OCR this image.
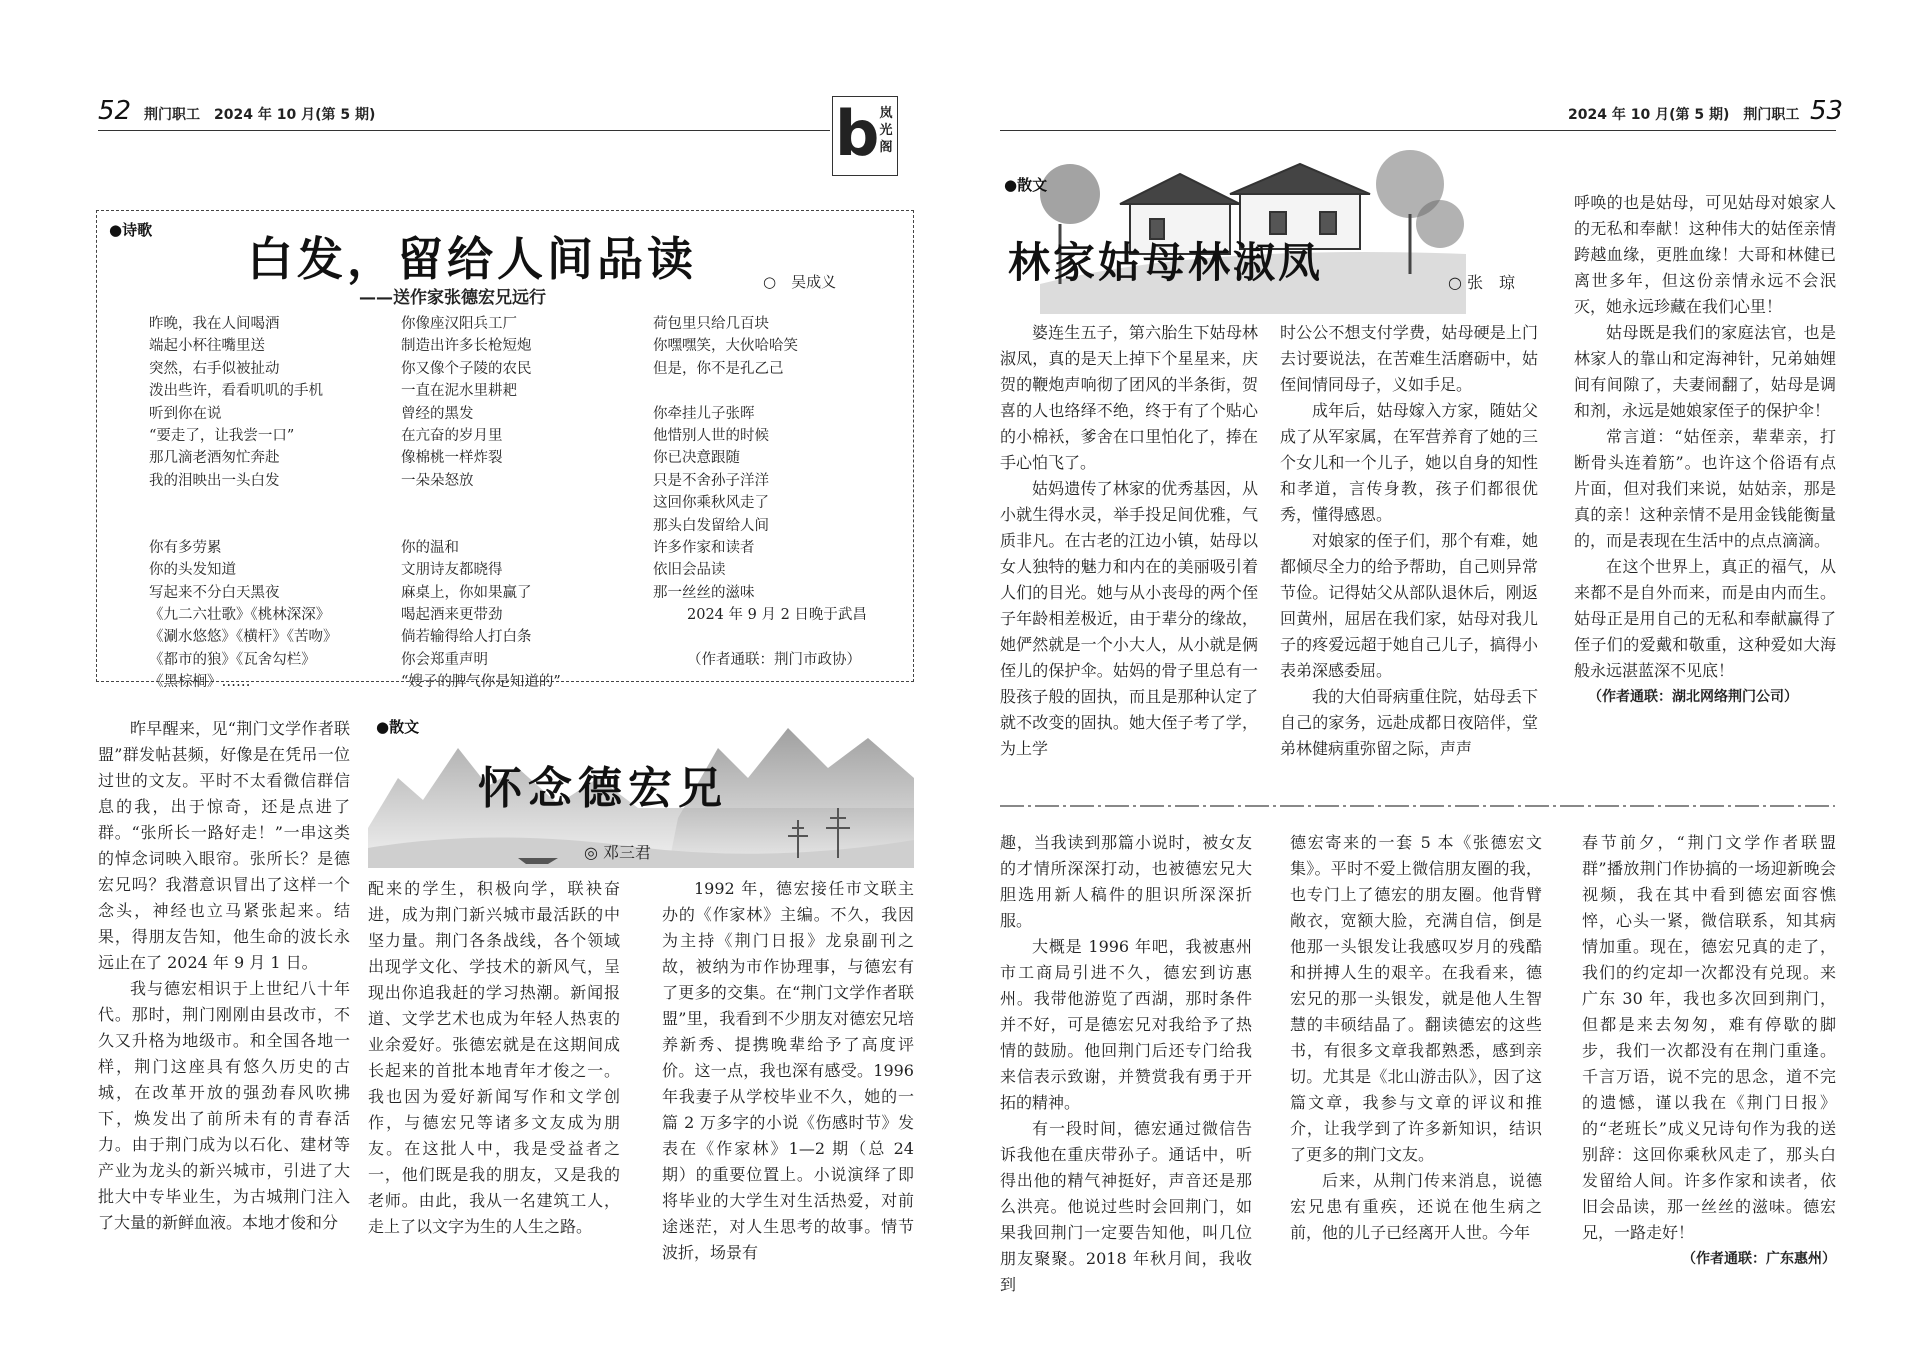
52 荆门职工　2024 年 10 月(第 5 期)	b 岚光阁
●诗歌
白发，留给人间品读	○　吴成义
——送作家张德宏兄远行
昨晚，我在人间喝酒
端起小杯往嘴里送
突然，右手似被扯动
泼出些许，看看叽叽的手机
听到你在说
“要走了，让我尝一口”
那几滴老酒匆忙奔赴
我的泪映出一头白发
你有多劳累
你的头发知道
写起来不分白天黑夜
《九二六壮歌》《桃林深深》
《涮水悠悠》《横杆》《苦吻》
《都市的狼》《瓦舍勾栏》
《黑棕榈》……
你像座汉阳兵工厂
制造出许多长枪短炮
你又像个子陵的农民
一直在泥水里耕耙
曾经的黑发
在亢奋的岁月里
像棉桃一样炸裂
一朵朵怒放
你的温和
文朋诗友都晓得
麻桌上，你如果赢了
喝起酒来更带劲
倘若输得给人打白条
你会郑重声明
“嫂子的脾气你是知道的”
荷包里只给几百块
你嘿嘿笑，大伙哈哈笑
但是，你不是孔乙己
你牵挂儿子张晖
他惜别人世的时候
你已决意跟随
只是不舍孙子洋洋
这回你乘秋风走了
那头白发留给人间
许多作家和读者
依旧会品读
那一丝丝的滋味
2024 年 9 月 2 日晚于武昌
（作者通联：荆门市政协）
●散文
怀念德宏兄
◎ 邓三君

昨早醒来，见“荆门文学作者联盟”群发帖甚频，好像是在凭吊一位过世的文友。平时不太看微信群信息的我，出于惊奇，还是点进了群。“张所长一路好走！”一串这类的悼念词映入眼帘。张所长？是德宏兄吗？我潜意识冒出了这样一个念头，神经也立马紧张起来。结果，得朋友告知，他生命的波长永远止在了 2024 年 9 月 1 日。

我与德宏相识于上世纪八十年代。那时，荆门刚刚由县改市，不久又升格为地级市。和全国各地一样，荆门这座具有悠久历史的古城，在改革开放的强劲春风吹拂下，焕发出了前所未有的青春活力。由于荆门成为以石化、建材等产业为龙头的新兴城市，引进了大批大中专毕业生，为古城荆门注入了大量的新鲜血液。本地才俊和分

配来的学生，积极向学，联袂奋进，成为荆门新兴城市最活跃的中坚力量。荆门各条战线，各个领域出现学文化、学技术的新风气，呈现出你追我赶的学习热潮。新闻报道、文学艺术也成为年轻人热衷的业余爱好。张德宏就是在这期间成长起来的首批本地青年才俊之一。我也因为爱好新闻写作和文学创作，与德宏兄等诸多文友成为朋友。在这批人中，我是受益者之一，他们既是我的朋友，又是我的老师。由此，我从一名建筑工人，走上了以文字为生的人生之路。

1992 年，德宏接任市文联主办的《作家林》主编。不久，我因为主持《荆门日报》龙泉副刊之故，被纳为市作协理事，与德宏有了更多的交集。在“荆门文学作者联盟”里，我看到不少朋友对德宏兄培养新秀、提携晚辈给予了高度评价。这一点，我也深有感受。1996 年我妻子从学校毕业不久，她的一篇 2 万多字的小说《伤感时节》发表在《作家林》1—2 期（总 24 期）的重要位置上。小说演绎了即将毕业的大学生对生活热爱，对前途迷茫，对人生思考的故事。情节波折，场景有

2024 年 10 月(第 5 期)　荆门职工 53
●散文
林家姑母林淑凤	○ 张　琼

婆连生五子，第六胎生下姑母林淑凤，真的是天上掉下个星星来，庆贺的鞭炮声响彻了团风的半条街，贺喜的人也络绎不绝，终于有了个贴心的小棉袄，爹舍在口里怕化了，捧在手心怕飞了。

姑妈遗传了林家的优秀基因，从小就生得水灵，举手投足间优雅，气质非凡。在古老的江边小镇，姑母以女人独特的魅力和内在的美丽吸引着人们的目光。她与从小丧母的两个侄子年龄相差极近，由于辈分的缘故，她俨然就是一个小大人，从小就是俩侄儿的保护伞。姑妈的骨子里总有一股孩子般的固执，而且是那种认定了就不改变的固执。她大侄子考了学，为上学

时公公不想支付学费，姑母硬是上门去讨要说法，在苦难生活磨砺中，姑侄间情同母子，义如手足。

成年后，姑母嫁入方家，随姑父成了从军家属，在军营养育了她的三个女儿和一个儿子，她以自身的知性和孝道，言传身教，孩子们都很优秀，懂得感恩。

对娘家的侄子们，那个有难，她都倾尽全力的给予帮助，自己则异常节俭。记得姑父从部队退休后，刚返回黄州，屈居在我们家，姑母对我儿子的疼爱远超于她自己儿子，搞得小表弟深感委屈。

我的大伯哥病重住院，姑母丢下自己的家务，远赴成都日夜陪伴，堂弟林健病重弥留之际，声声

呼唤的也是姑母，可见姑母对娘家人的无私和奉献！这种伟大的姑侄亲情跨越血缘，更胜血缘！大哥和林健已离世多年，但这份亲情永远不会泯灭，她永远珍藏在我们心里！

姑母既是我们的家庭法官，也是林家人的靠山和定海神针，兄弟妯娌间有间隙了，夫妻闹翻了，姑母是调和剂，永远是她娘家侄子的保护伞！

常言道：“姑侄亲，辈辈亲，打断骨头连着筋”。也许这个俗语有点片面，但对我们来说，姑姑亲，那是真的亲！这种亲情不是用金钱能衡量的，而是表现在生活中的点点滴滴。

在这个世界上，真正的福气，从来都不是自外而来，而是由内而生。姑母正是用自己的无私和奉献赢得了侄子们的爱戴和敬重，这种爱如大海般永远湛蓝深不见底！

（作者通联：湖北网络荆门公司）

趣，当我读到那篇小说时，被女友的才情所深深打动，也被德宏兄大胆选用新人稿件的胆识所深深折服。

大概是 1996 年吧，我被惠州市工商局引进不久，德宏到访惠州。我带他游览了西湖，那时条件并不好，可是德宏兄对我给予了热情的鼓励。他回荆门后还专门给我来信表示致谢，并赞赏我有勇于开拓的精神。

有一段时间，德宏通过微信告诉我他在重庆带孙子。通话中，听得出他的精气神挺好，声音还是那么洪亮。他说过些时会回荆门，如果我回荆门一定要告知他，叫几位朋友聚聚。2018 年秋月间，我收到

德宏寄来的一套 5 本《张德宏文集》。平时不爱上微信朋友圈的我，也专门上了德宏的朋友圈。他背臂敞衣，宽额大脸，充满自信，倒是他那一头银发让我感叹岁月的残酷和拼搏人生的艰辛。在我看来，德宏兄的那一头银发，就是他人生智慧的丰硕结晶了。翻读德宏的这些书，有很多文章我都熟悉，感到亲切。尤其是《北山游击队》，因了这篇文章，我参与文章的评议和推介，让我学到了许多新知识，结识了更多的荆门文友。

后来，从荆门传来消息，说德宏兄患有重疾，还说在他生病之前，他的儿子已经离开人世。今年

春节前夕，“荆门文学作者联盟群”播放荆门作协搞的一场迎新晚会视频，我在其中看到德宏面容憔悴，心头一紧，微信联系，知其病情加重。现在，德宏兄真的走了，我们的约定却一次都没有兑现。来广东 30 年，我也多次回到荆门，但都是来去匆匆，难有停歇的脚步，我们一次都没有在荆门重逢。千言万语，说不完的思念，道不完的遗憾，谨以我在《荆门日报》的“老班长”成义兄诗句作为我的送别辞：这回你乘秋风走了，那头白发留给人间。许多作家和读者，依旧会品读，那一丝丝的滋味。德宏兄，一路走好！

（作者通联：广东惠州）
